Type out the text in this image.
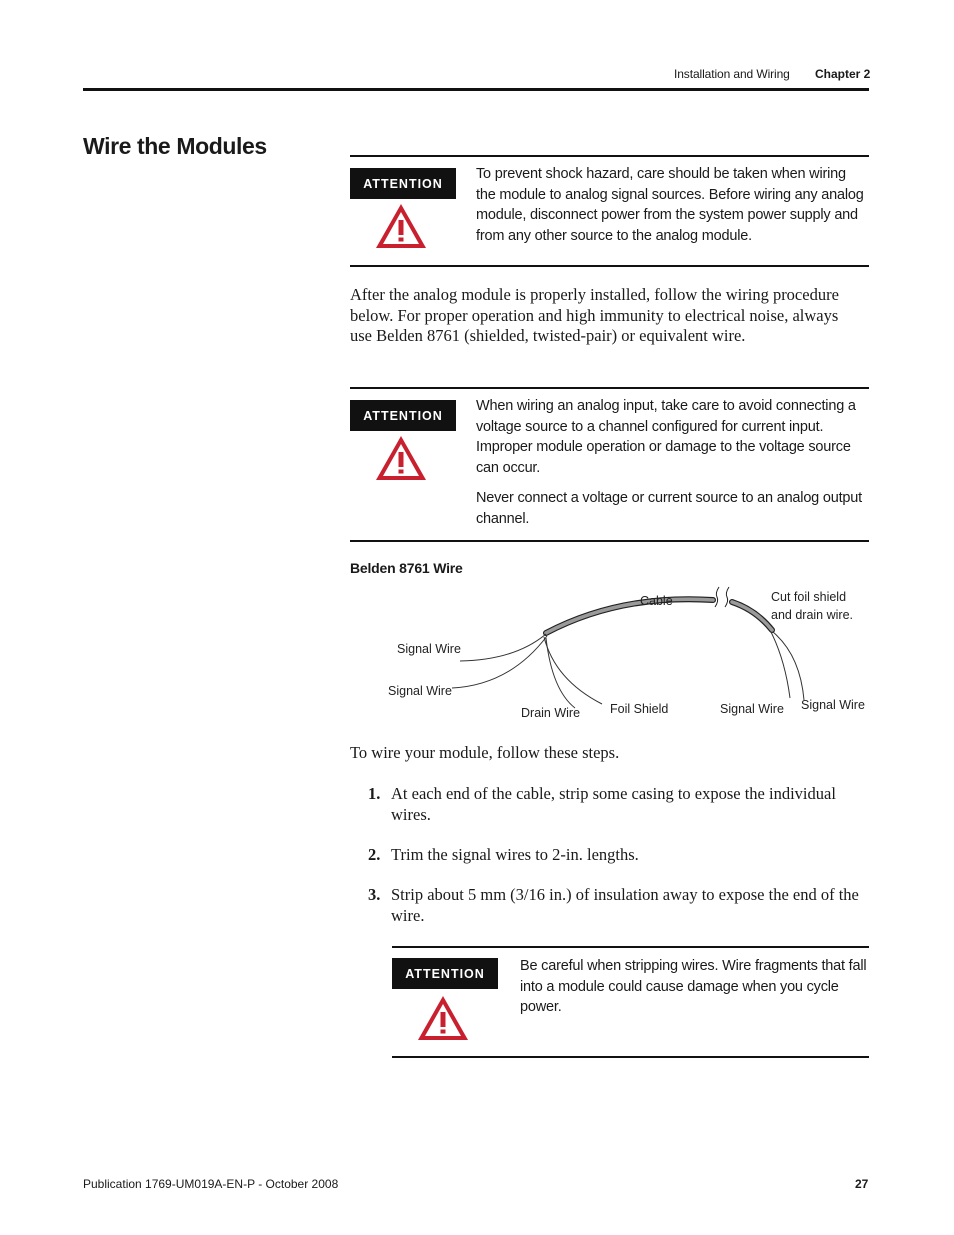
Installation and Wiring Chapter 2
Wire the Modules
ATTENTION
To prevent shock hazard, care should be taken when wiring the module to analog signal sources. Before wiring any analog module, disconnect power from the system power supply and from any other source to the analog module.
After the analog module is properly installed, follow the wiring procedure below. For proper operation and high immunity to electrical noise, always use Belden 8761 (shielded, twisted-pair) or equivalent wire.
ATTENTION

When wiring an analog input, take care to avoid connecting a voltage source to a channel configured for current input. Improper module operation or damage to the voltage source can occur.

Never connect a voltage or current source to an analog output channel.

Belden 8761 Wire
Cable	Cut foil shield
and drain wire.
Signal Wire
Signal Wire
Drain Wire Foil Shield	Signal Wire Signal Wire
To wire your module, follow these steps.
1. At each end of the cable, strip some casing to expose the individual wires.
2. Trim the signal wires to 2-in. lengths.
3. Strip about 5 mm (3/16 in.) of insulation away to expose the end of the wire.
ATTENTION	Be careful when stripping wires. Wire fragments that fall into a module could cause damage when you cycle power.
Publication 1769-UM019A-EN-P - October 2008	27
